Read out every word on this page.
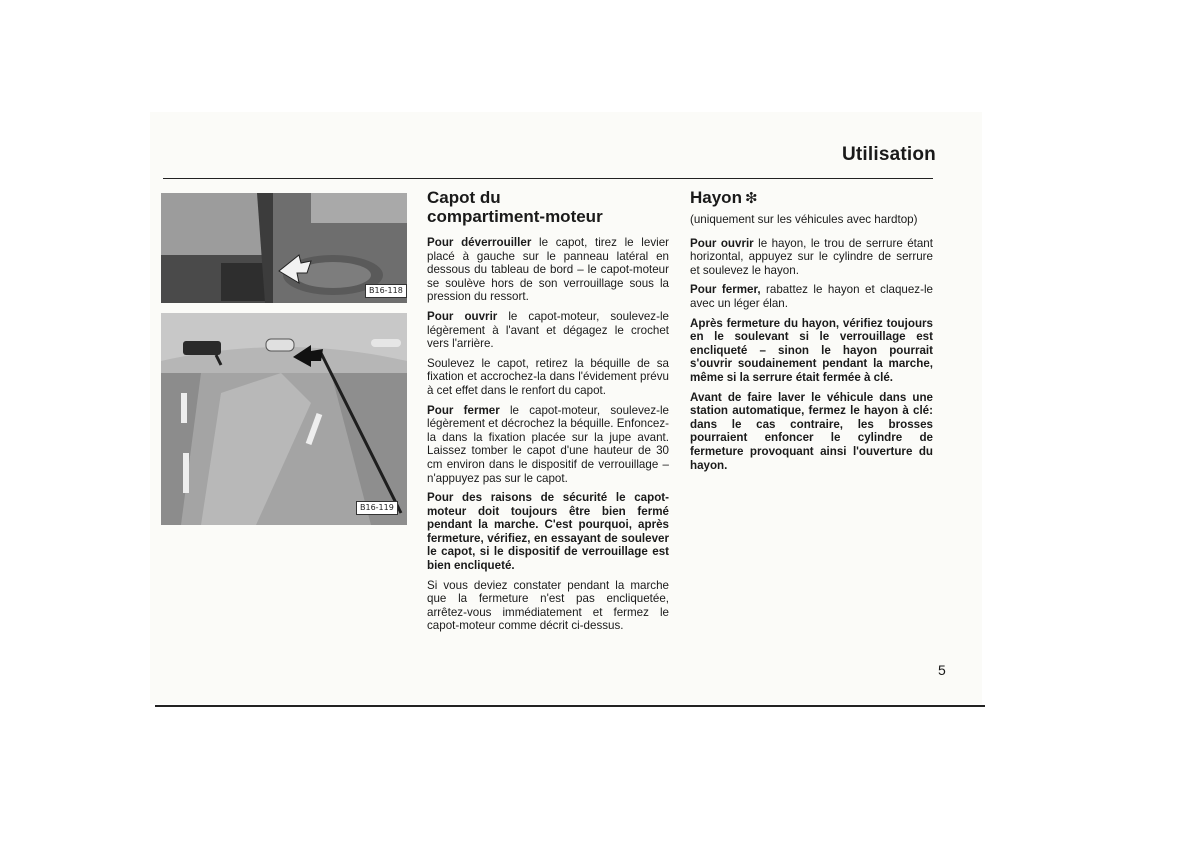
Utilisation
B16-118
B16-119
Capot du
compartiment-moteur

Pour déverrouiller le capot, tirez le levier placé à gauche sur le panneau latéral en dessous du tableau de bord – le capot-moteur se soulève hors de son verrouillage sous la pression du ressort.

Pour ouvrir le capot-moteur, soulevez-le légèrement à l'avant et dégagez le crochet vers l'arrière.

Soulevez le capot, retirez la béquille de sa fixation et accrochez-la dans l'évidement prévu à cet effet dans le renfort du capot.

Pour fermer le capot-moteur, soulevez-le légèrement et décrochez la béquille. Enfoncez-la dans la fixation placée sur la jupe avant. Laissez tomber le capot d'une hauteur de 30 cm environ dans le dispositif de verrouillage – n'appuyez pas sur le capot.

Pour des raisons de sécurité le capot-moteur doit toujours être bien fermé pendant la marche. C'est pourquoi, après fermeture, vérifiez, en essayant de soulever le capot, si le dispositif de verrouillage est bien encliqueté.

Si vous deviez constater pendant la marche que la fermeture n'est pas encliquetée, arrêtez-vous immédiatement et fermez le capot-moteur comme décrit ci-dessus.

Hayon ❇

(uniquement sur les véhicules avec hardtop)

Pour ouvrir le hayon, le trou de serrure étant horizontal, appuyez sur le cylindre de serrure et soulevez le hayon.

Pour fermer, rabattez le hayon et claquez-le avec un léger élan.

Après fermeture du hayon, vérifiez toujours en le soulevant si le verrouillage est encliqueté – sinon le hayon pourrait s'ouvrir soudainement pendant la marche, même si la serrure était fermée à clé.

Avant de faire laver le véhicule dans une station automatique, fermez le hayon à clé: dans le cas contraire, les brosses pourraient enfoncer le cylindre de fermeture provoquant ainsi l'ouverture du hayon.

5
